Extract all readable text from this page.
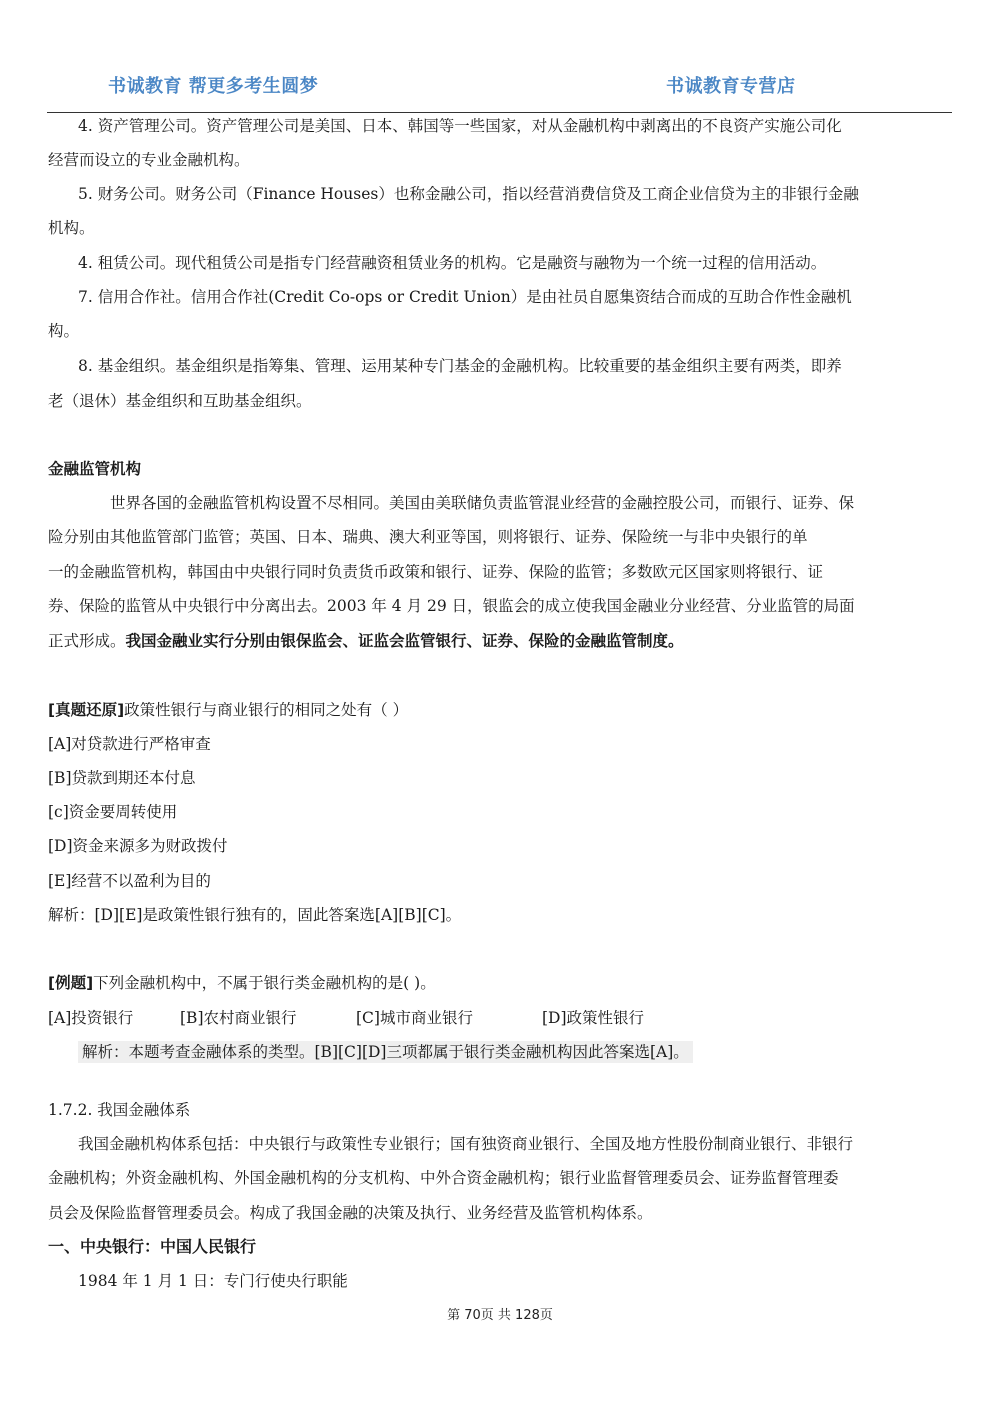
书诚教育 帮更多考生圆梦	书诚教育专营店
4. 资产管理公司。资产管理公司是美国、日本、韩国等一些国家，对从金融机构中剥离出的不良资产实施公司化
经营而设立的专业金融机构。
5. 财务公司。财务公司（Finance Houses）也称金融公司，指以经营消费信贷及工商企业信贷为主的非银行金融
机构。
4. 租赁公司。现代租赁公司是指专门经营融资租赁业务的机构。它是融资与融物为一个统一过程的信用活动。
7. 信用合作社。信用合作社(Credit Co-ops or Credit Union）是由社员自愿集资结合而成的互助合作性金融机
构。
8. 基金组织。基金组织是指筹集、管理、运用某种专门基金的金融机构。比较重要的基金组织主要有两类，即养
老（退休）基金组织和互助基金组织。
金融监管机构
世界各国的金融监管机构设置不尽相同。美国由美联储负责监管混业经营的金融控股公司，而银行、证券、保
险分别由其他监管部门监管；英国、日本、瑞典、澳大利亚等国，则将银行、证券、保险统一与非中央银行的单
一的金融监管机构，韩国由中央银行同时负责货币政策和银行、证券、保险的监管；多数欧元区国家则将银行、证
券、保险的监管从中央银行中分离出去。2003 年 4 月 29 日，银监会的成立使我国金融业分业经营、分业监管的局面
正式形成。我国金融业实行分别由银保监会、证监会监管银行、证券、保险的金融监管制度。
[真题还原]政策性银行与商业银行的相同之处有（ ）
[A]对贷款进行严格审查
[B]贷款到期还本付息
[c]资金要周转使用
[D]资金来源多为财政拨付
[E]经营不以盈利为目的
解析：[D][E]是政策性银行独有的，固此答案选[A][B][C]。
[例题]下列金融机构中，不属于银行类金融机构的是( )。
[A]投资银行	[B]农村商业银行	[C]城市商业银行	[D]政策性银行
解析：本题考查金融体系的类型。[B][C][D]三项都属于银行类金融机构因此答案选[A]。
1.7.2. 我国金融体系
我国金融机构体系包括：中央银行与政策性专业银行；国有独资商业银行、全国及地方性股份制商业银行、非银行
金融机构；外资金融机构、外国金融机构的分支机构、中外合资金融机构；银行业监督管理委员会、证券监督管理委
员会及保险监督管理委员会。构成了我国金融的决策及执行、业务经营及监管机构体系。
一、中央银行：中国人民银行
1984 年 1 月 1 日：专门行使央行职能
第 70页 共 128页
